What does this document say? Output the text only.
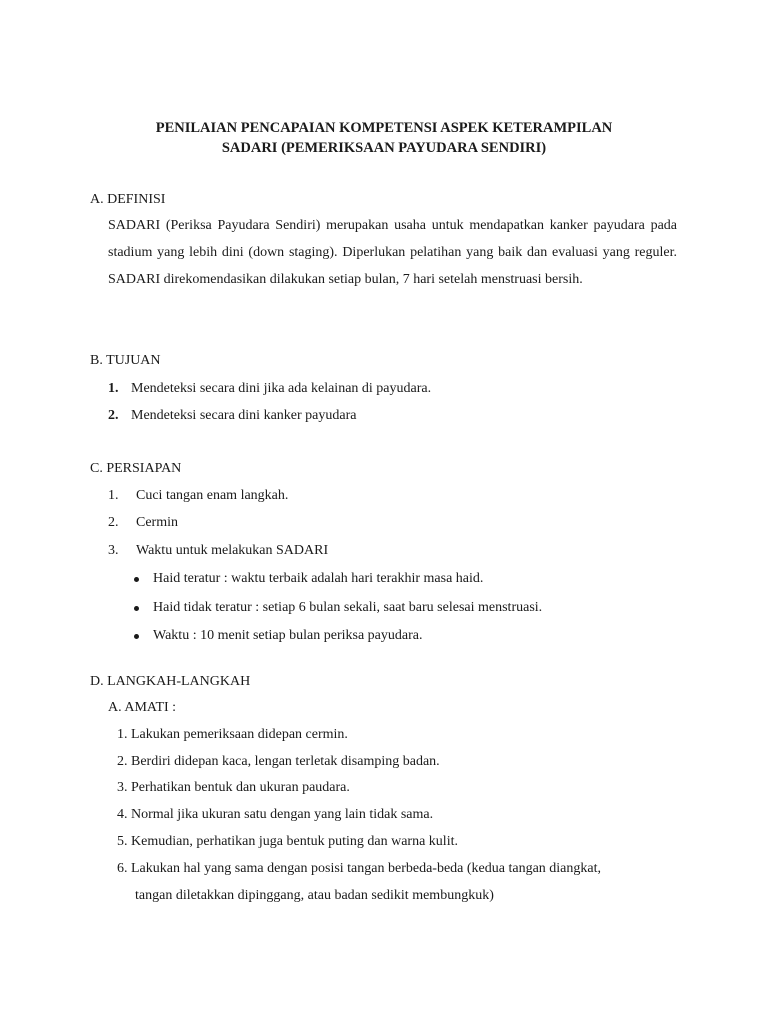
PENILAIAN PENCAPAIAN KOMPETENSI ASPEK KETERAMPILAN
SADARI (PEMERIKSAAN PAYUDARA SENDIRI)
A. DEFINISI
SADARI (Periksa Payudara Sendiri) merupakan usaha untuk mendapatkan kanker payudara pada stadium yang lebih dini (down staging). Diperlukan pelatihan yang baik dan evaluasi yang reguler. SADARI direkomendasikan dilakukan setiap bulan, 7 hari setelah menstruasi bersih.
B. TUJUAN
1. Mendeteksi secara dini jika ada kelainan di payudara.
2. Mendeteksi secara dini kanker payudara
C. PERSIAPAN
1. Cuci tangan enam langkah.
2. Cermin
3. Waktu untuk melakukan SADARI
Haid teratur : waktu terbaik adalah hari terakhir masa haid.
Haid tidak teratur : setiap 6 bulan sekali, saat baru selesai menstruasi.
Waktu : 10 menit setiap bulan periksa payudara.
D. LANGKAH-LANGKAH
A. AMATI :
1. Lakukan pemeriksaan didepan cermin.
2. Berdiri didepan kaca, lengan terletak disamping badan.
3. Perhatikan bentuk dan ukuran paudara.
4. Normal jika ukuran satu dengan yang lain tidak sama.
5. Kemudian, perhatikan juga bentuk puting dan warna kulit.
6. Lakukan hal yang sama dengan posisi tangan berbeda-beda (kedua tangan diangkat,
tangan diletakkan dipinggang, atau badan sedikit membungkuk)
